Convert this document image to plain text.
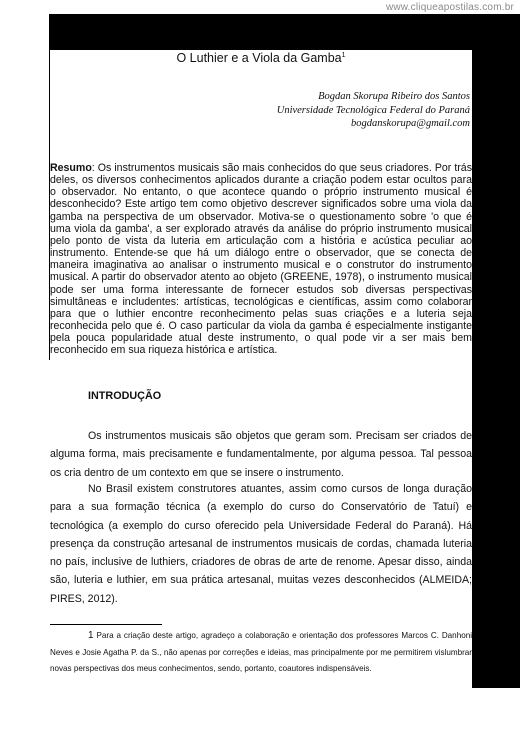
www.cliqueapostilas.com.br
O Luthier e a Viola da Gamba$^1$
Bogdan Skorupa Ribeiro dos Santos
Universidade Tecnológica Federal do Paraná
bogdanskorupa@gmail.com

Resumo: Os instrumentos musicais são mais conhecidos do que seus criadores. Por trás deles, os diversos conhecimentos aplicados durante a criação podem estar ocultos para o observador. No entanto, o que acontece quando o próprio instrumento musical é desconhecido? Este artigo tem como objetivo descrever significados sobre uma viola da gamba na perspectiva de um observador. Motiva-se o questionamento sobre 'o que é uma viola da gamba', a ser explorado através da análise do próprio instrumento musical pelo ponto de vista da luteria em articulação com a história e acústica peculiar ao instrumento. Entende-se que há um diálogo entre o observador, que se conecta de maneira imaginativa ao analisar o instrumento musical e o construtor do instrumento musical. A partir do observador atento ao objeto (GREENE, 1978), o instrumento musical pode ser uma forma interessante de fornecer estudos sob diversas perspectivas simultâneas e includentes: artísticas, tecnológicas e científicas, assim como colaborar para que o luthier encontre reconhecimento pelas suas criações e a luteria seja reconhecida pelo que é. O caso particular da viola da gamba é especialmente instigante pela pouca popularidade atual deste instrumento, o qual pode vir a ser mais bem reconhecido em sua riqueza histórica e artística.

INTRODUÇÃO

Os instrumentos musicais são objetos que geram som. Precisam ser criados de alguma forma, mais precisamente e fundamentalmente, por alguma pessoa. Tal pessoa os cria dentro de um contexto em que se insere o instrumento.

No Brasil existem construtores atuantes, assim como cursos de longa duração para a sua formação técnica (a exemplo do curso do Conservatório de Tatuí) e tecnológica (a exemplo do curso oferecido pela Universidade Federal do Paraná). Há presença da construção artesanal de instrumentos musicais de cordas, chamada luteria no país, inclusive de luthiers, criadores de obras de arte de renome. Apesar disso, ainda são, luteria e luthier, em sua prática artesanal, muitas vezes desconhecidos (ALMEIDA; PIRES, 2012).

1 Para a criação deste artigo, agradeço a colaboração e orientação dos professores Marcos C. Danhoni Neves e Josie Agatha P. da S., não apenas por correções e ideias, mas principalmente por me permitirem vislumbrar novas perspectivas dos meus conhecimentos, sendo, portanto, coautores indispensáveis.
